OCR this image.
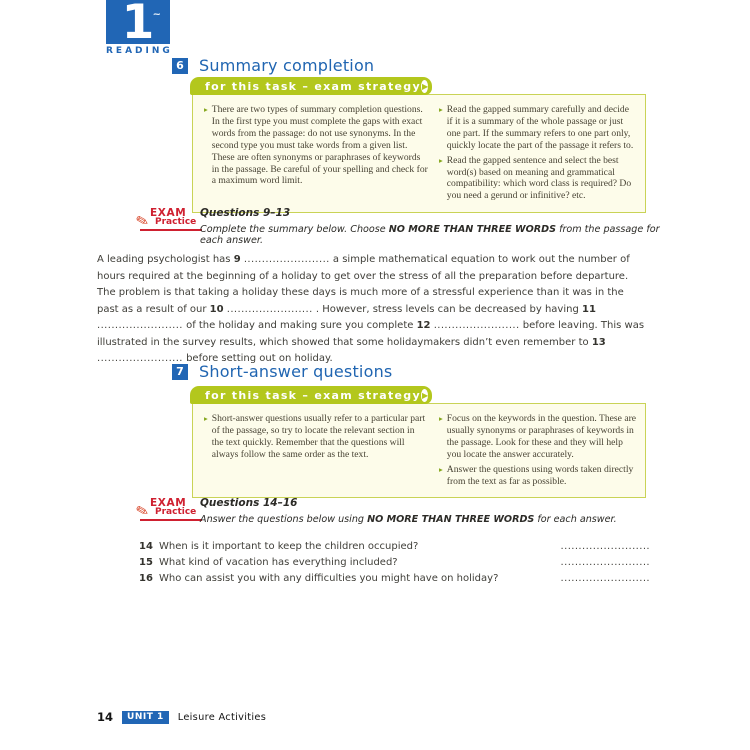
1
~
READING
6 Summary completion
for this task – exam strategy ▶
▸ There are two types of summary completion questions. In the first type you must complete the gaps with exact words from the passage: do not use synonyms. In the second type you must take words from a given list. These are often synonyms or paraphrases of keywords in the passage. Be careful of your spelling and check for a maximum word limit.
▸ Read the gapped summary carefully and decide if it is a summary of the whole passage or just one part. If the summary refers to one part only, quickly locate the part of the passage it refers to.
▸ Read the gapped sentence and select the best word(s) based on meaning and grammatical compatibility: which word class is required? Do you need a gerund or infinitive? etc.
✎ EXAM
Practice
Questions 9–13
Complete the summary below. Choose NO MORE THAN THREE WORDS from the passage for each answer.

A leading psychologist has 9 ........................ a simple mathematical equation to work out the number of hours required at the beginning of a holiday to get over the stress of all the preparation before departure. The problem is that taking a holiday these days is much more of a stressful experience than it was in the past as a result of our 10 ........................ . However, stress levels can be decreased by having 11 ........................ of the holiday and making sure you complete 12 ........................ before leaving. This was illustrated in the survey results, which showed that some holidaymakers didn’t even remember to 13 ........................ before setting out on holiday.

7 Short-answer questions
for this task – exam strategy ▶
▸ Short-answer questions usually refer to a particular part of the passage, so try to locate the relevant section in the text quickly. Remember that the questions will always follow the same order as the text.
▸ Focus on the keywords in the question. These are usually synonyms or paraphrases of keywords in the passage. Look for these and they will help you locate the answer accurately.
▸ Answer the questions using words taken directly from the text as far as possible.
✎ EXAM
Practice
Questions 14–16
Answer the questions below using NO MORE THAN THREE WORDS for each answer.
14 When is it important to keep the children occupied?	.........................
15 What kind of vacation has everything included?	.........................
16 Who can assist you with any difficulties you might have on holiday?	.........................
14	UNIT 1	Leisure Activities
